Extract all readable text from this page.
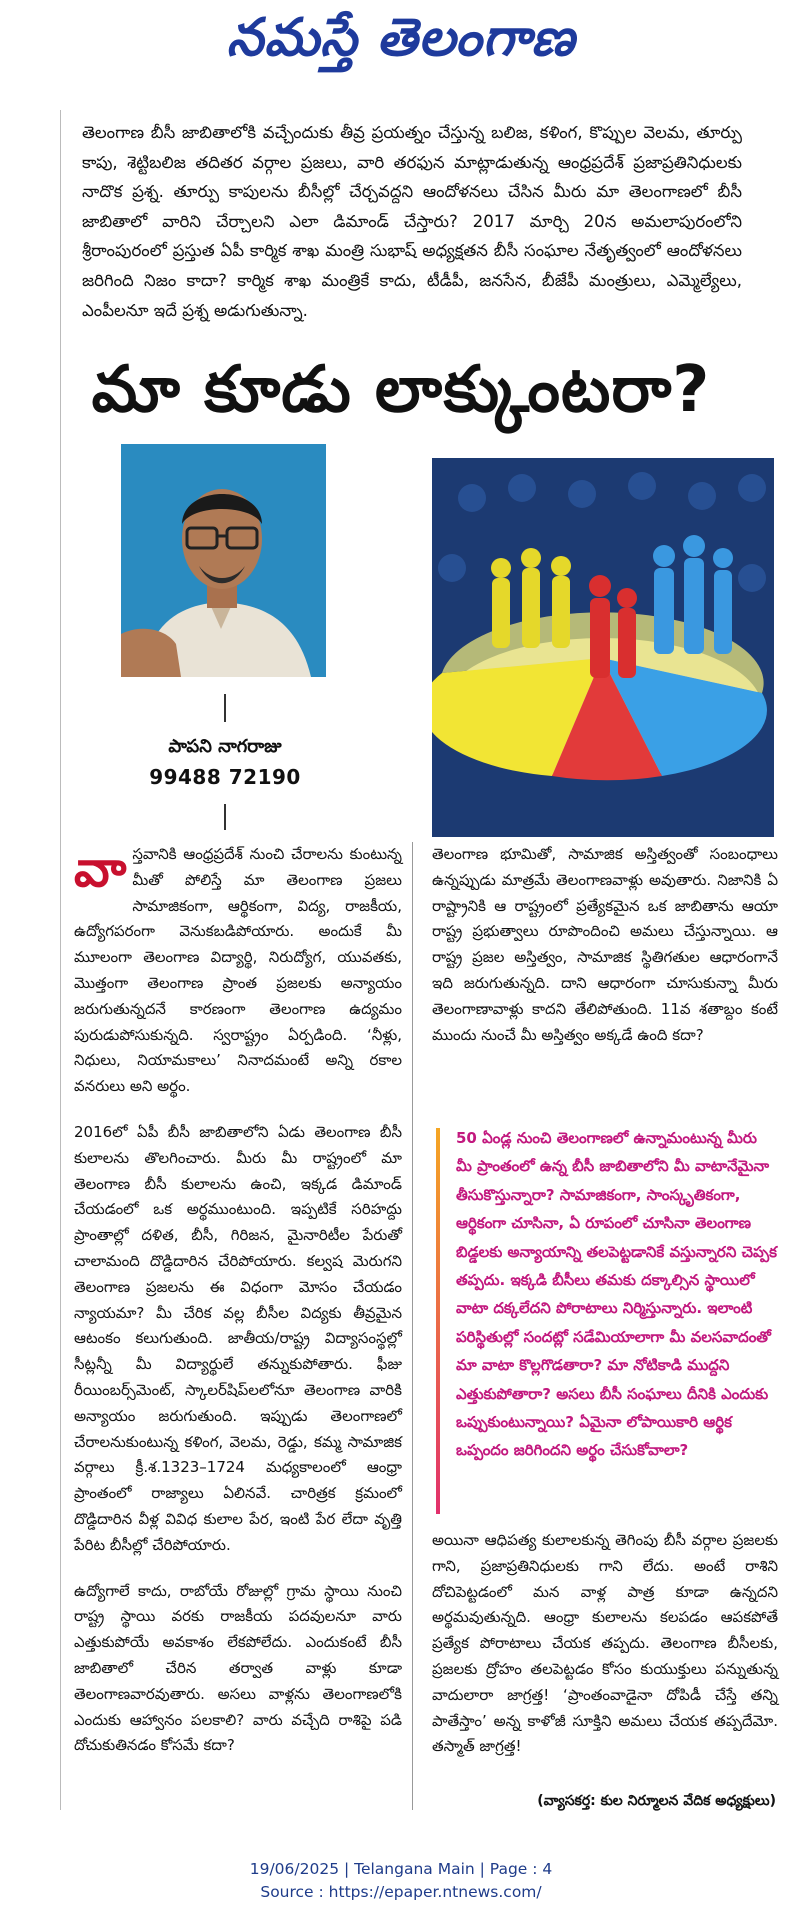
నమస్తే తెలంగాణ
తెలంగాణ బీసీ జాబితాలోకి వచ్చేందుకు తీవ్ర ప్రయత్నం చేస్తున్న బలిజ, కళింగ, కొప్పుల వెలమ, తూర్పు కాపు, శెట్టిబలిజ తదితర వర్గాల ప్రజలు, వారి తరఫున మాట్లాడుతున్న ఆంధ్రప్రదేశ్ ప్రజాప్రతినిధులకు నాదొక ప్రశ్న. తూర్పు కాపులను బీసీల్లో చేర్చవద్దని ఆందోళనలు చేసిన మీరు మా తెలంగాణలో బీసీ జాబితాలో వారిని చేర్చాలని ఎలా డిమాండ్ చేస్తారు? 2017 మార్చి 20న అమలాపురంలోని శ్రీరాంపురంలో ప్రస్తుత ఏపీ కార్మిక శాఖ మంత్రి సుభాష్ అధ్యక్షతన బీసీ సంఘాల నేతృత్వంలో ఆందోళనలు జరిగింది నిజం కాదా? కార్మిక శాఖ మంత్రికే కాదు, టీడీపీ, జనసేన, బీజేపీ మంత్రులు, ఎమ్మెల్యేలు, ఎంపీలనూ ఇదే ప్రశ్న అడుగుతున్నా.
మా కూడు లాక్కుంటరా?
పాపని నాగరాజు
99488 72190

వాస్తవానికి ఆంధ్రప్రదేశ్ నుంచి చేరాలను కుంటున్న మీతో పోలిస్తే మా తెలంగాణ ప్రజలు సామాజికంగా, ఆర్థికంగా, విద్య, రాజకీయ, ఉద్యోగపరంగా వెనుకబడిపోయారు. అందుకే మీ మూలంగా తెలంగాణ విద్యార్థి, నిరుద్యోగ, యువతకు, మొత్తంగా తెలంగాణ ప్రాంత ప్రజలకు అన్యాయం జరుగుతున్నదనే కారణంగా తెలంగాణ ఉద్యమం పురుడుపోసుకున్నది. స్వరాష్ట్రం ఏర్పడింది. ‘నీళ్లు, నిధులు, నియామకాలు’ నినాదమంటే అన్ని రకాల వనరులు అని అర్థం.

2016లో ఏపీ బీసీ జాబితాలోని ఏడు తెలంగాణ బీసీ కులాలను తొలగించారు. మీరు మీ రాష్ట్రంలో మా తెలంగాణ బీసీ కులాలను ఉంచి, ఇక్కడ డిమాండ్ చేయడంలో ఒక అర్థముంటుంది. ఇప్పటికే సరిహద్దు ప్రాంతాల్లో దళిత, బీసీ, గిరిజన, మైనారిటీల పేరుతో చాలామంది దొడ్డిదారిన చేరిపోయారు. కల్వష మెరుగని తెలంగాణ ప్రజలను ఈ విధంగా మోసం చేయడం న్యాయమా? మీ చేరిక వల్ల బీసీల విద్యకు తీవ్రమైన ఆటంకం కలుగుతుంది. జాతీయ/రాష్ట్ర విద్యాసంస్థల్లో సీట్లన్నీ మీ విద్యార్థులే తన్నుకుపోతారు. ఫీజు రీయింబర్స్‌మెంట్, స్కాలర్‌షిప్‌లలోనూ తెలంగాణ వారికి అన్యాయం జరుగుతుంది. ఇప్పుడు తెలంగాణలో చేరాలనుకుంటున్న కళింగ, వెలమ, రెడ్డు, కమ్మ సామాజిక వర్గాలు క్రీ.శ.1323–1724 మధ్యకాలంలో ఆంధ్రా ప్రాంతంలో రాజ్యాలు ఏలినవే. చారిత్రక క్రమంలో దొడ్డిదారిన వీళ్ల వివిధ కులాల పేర, ఇంటి పేర లేదా వృత్తి పేరిట బీసీల్లో చేరిపోయారు.

ఉద్యోగాలే కాదు, రాబోయే రోజుల్లో గ్రామ స్థాయి నుంచి రాష్ట్ర స్థాయి వరకు రాజకీయ పదవులనూ వారు ఎత్తుకుపోయే అవకాశం లేకపోలేదు. ఎందుకంటే బీసీ జాబితాలో చేరిన తర్వాత వాళ్లు కూడా తెలంగాణవారవుతారు. అసలు వాళ్లను తెలంగాణలోకి ఎందుకు ఆహ్వానం పలకాలి? వారు వచ్చేది రాశిపై పడి దోచుకుతినడం కోసమే కదా?

తెలంగాణ భూమితో, సామాజిక అస్తిత్వంతో సంబంధాలు ఉన్నప్పుడు మాత్రమే తెలంగాణవాళ్లు అవుతారు. నిజానికి ఏ రాష్ట్రానికి ఆ రాష్ట్రంలో ప్రత్యేకమైన ఒక జాబితాను ఆయా రాష్ట్ర ప్రభుత్వాలు రూపొందించి అమలు చేస్తున్నాయి. ఆ రాష్ట్ర ప్రజల అస్తిత్వం, సామాజిక స్థితిగతుల ఆధారంగానే ఇది జరుగుతున్నది. దాని ఆధారంగా చూసుకున్నా మీరు తెలంగాణావాళ్లు కాదని తేలిపోతుంది. 11వ శతాబ్దం కంటే ముందు నుంచే మీ అస్తిత్వం అక్కడే ఉంది కదా?

50 ఏండ్ల నుంచి తెలంగాణలో ఉన్నామంటున్న మీరు మీ ప్రాంతంలో ఉన్న బీసీ జాబితాలోని మీ వాటానేమైనా తీసుకొస్తున్నారా? సామాజికంగా, సాంస్కృతికంగా, ఆర్థికంగా చూసినా, ఏ రూపంలో చూసినా తెలంగాణ బిడ్డలకు అన్యాయాన్ని తలపెట్టడానికే వస్తున్నారని చెప్పక తప్పదు. ఇక్కడి బీసీలు తమకు దక్కాల్సిన స్థాయిలో వాటా దక్కలేదని పోరాటాలు నిర్మిస్తున్నారు. ఇలాంటి పరిస్థితుల్లో సందట్లో సడేమియాలాగా మీ వలసవాదంతో మా వాటా కొల్లగొడతారా? మా నోటికాడి ముద్దని ఎత్తుకుపోతారా? అసలు బీసీ సంఘాలు దీనికి ఎందుకు ఒప్పుకుంటున్నాయి? ఏమైనా లోపాయికారి ఆర్థిక ఒప్పందం జరిగిందని అర్థం చేసుకోవాలా?

అయినా ఆధిపత్య కులాలకున్న తెగింపు బీసీ వర్గాల ప్రజలకు గాని, ప్రజాప్రతినిధులకు గాని లేదు. అంటే రాశిని దోచిపెట్టడంలో మన వాళ్ల పాత్ర కూడా ఉన్నదని అర్థమవుతున్నది. ఆంధ్రా కులాలను కలపడం ఆపకపోతే ప్రత్యేక పోరాటాలు చేయక తప్పదు. తెలంగాణ బీసీలకు, ప్రజలకు ద్రోహం తలపెట్టడం కోసం కుయుక్తులు పన్నుతున్న వాదులారా జాగ్రత్త! ‘ప్రాంతంవాడైనా దోపిడీ చేస్తే తన్ని పాతేస్తాం’ అన్న కాళోజీ సూక్తిని అమలు చేయక తప్పదేమో. తస్మాత్ జాగ్రత్త!

(వ్యాసకర్త: కుల నిర్మూలన వేదిక అధ్యక్షులు)
19/06/2025 | Telangana Main | Page : 4
Source : https://epaper.ntnews.com/
